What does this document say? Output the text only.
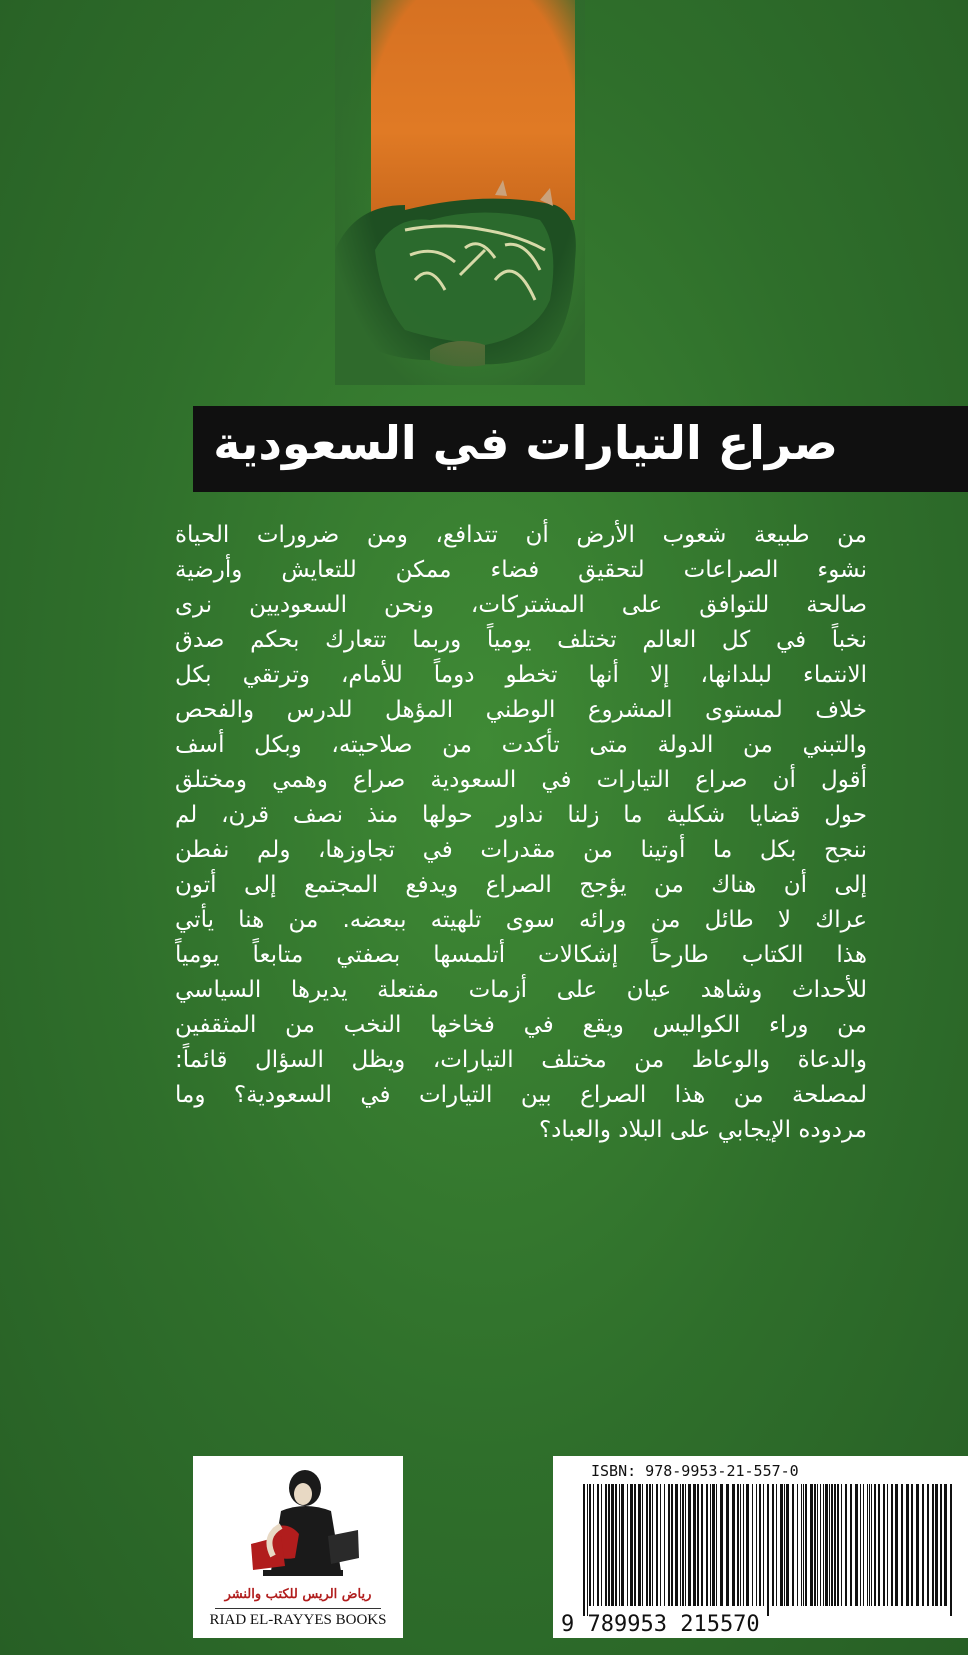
صراع التيارات في السعودية
من طبيعة شعوب الأرض أن تتدافع، ومن ضرورات الحياة
نشوء الصراعات لتحقيق فضاء ممكن للتعايش وأرضية
صالحة للتوافق على المشتركات، ونحن السعوديين نرى
نخباً في كل العالم تختلف يومياً وربما تتعارك بحكم صدق
الانتماء لبلدانها، إلا أنها تخطو دوماً للأمام، وترتقي بكل
خلاف لمستوى المشروع الوطني المؤهل للدرس والفحص
والتبني من الدولة متى تأكدت من صلاحيته، وبكل أسف
أقول أن صراع التيارات في السعودية صراع وهمي ومختلق
حول قضايا شكلية ما زلنا نداور حولها منذ نصف قرن، لم
ننجح بكل ما أوتينا من مقدرات في تجاوزها، ولم نفطن
إلى أن هناك من يؤجج الصراع ويدفع المجتمع إلى أتون
عراك لا طائل من ورائه سوى تلهيته ببعضه. من هنا يأتي
هذا الكتاب طارحاً إشكالات أتلمسها بصفتي متابعاً يومياً
للأحداث وشاهد عيان على أزمات مفتعلة يديرها السياسي
من وراء الكواليس ويقع في فخاخها النخب من المثقفين
والدعاة والوعاظ من مختلف التيارات، ويظل السؤال قائماً:
لمصلحة من هذا الصراع بين التيارات في السعودية؟ وما
مردوده الإيجابي على البلاد والعباد؟
رياض الريس للكتب والنشر
RIAD EL-RAYYES BOOKS
ISBN: 978-9953-21-557-0
9 789953 215570
